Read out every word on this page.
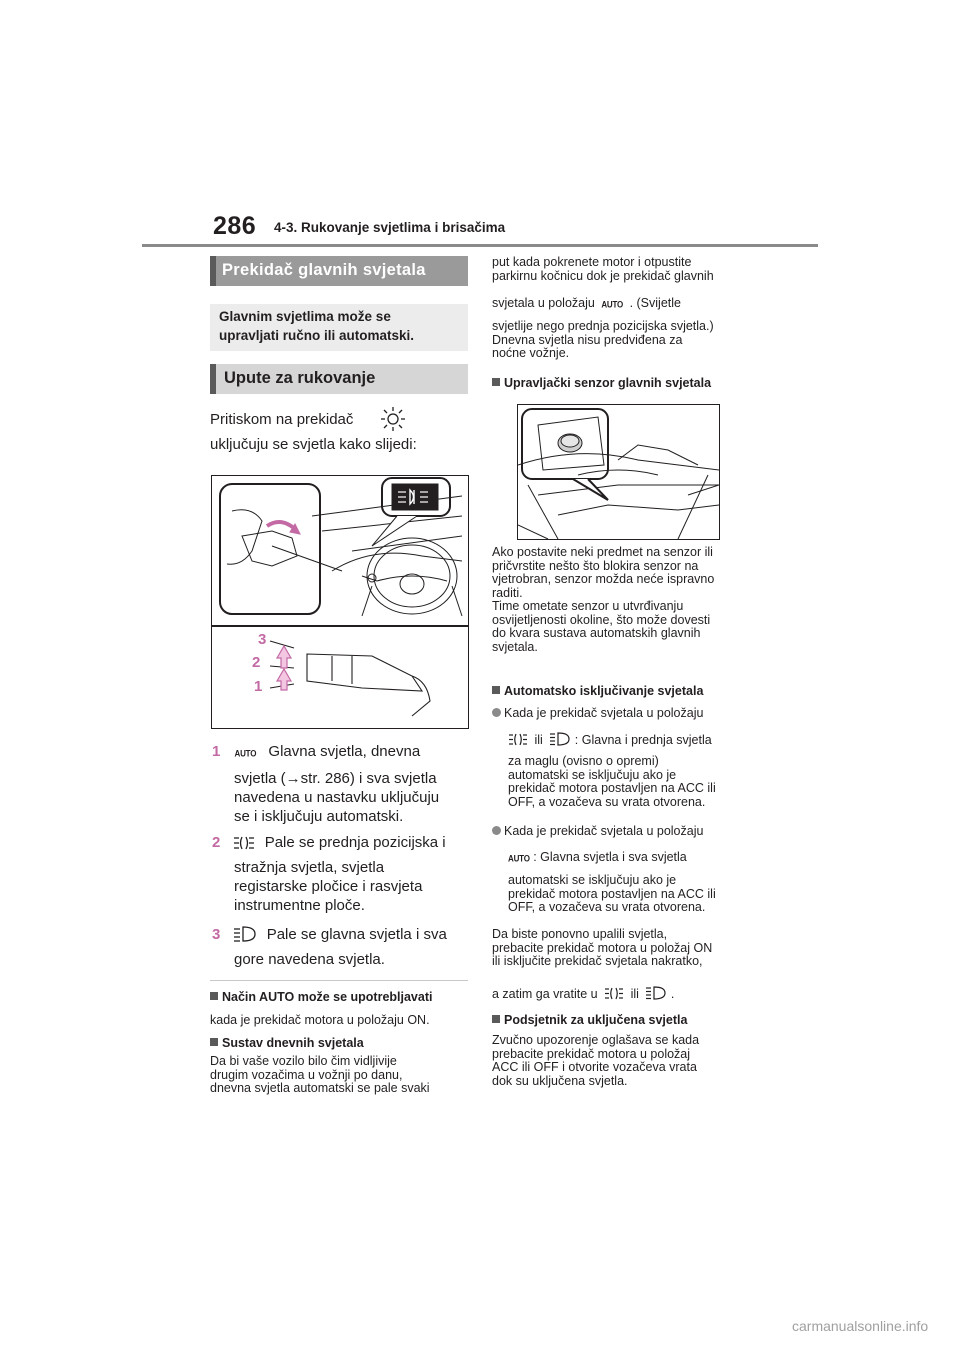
286 4-3. Rukovanje svjetlima i brisačima
Prekidač glavnih svjetala
Glavnim svjetlima može se
upravljati ručno ili automatski.
Upute za rukovanje
Pritiskom na prekidač
uključuju se svjetla kako slijedi:
3
2
1
1 AUTO Glavna svjetla, dnevna
svjetla (→str. 286) i sva svjetla
navedena u nastavku uključuju
se i isključuju automatski.
2	Pale se prednja pozicijska i
stražnja svjetla, svjetla
registarske pločice i rasvjeta
instrumentne ploče.
3	Pale se glavna svjetla i sva
gore navedena svjetla.
Način AUTO može se upotrebljavati
kada je prekidač motora u položaju ON.
Sustav dnevnih svjetala
Da bi vaše vozilo bilo čim vidljivije
drugim vozačima u vožnji po danu,
dnevna svjetla automatski se pale svaki
put kada pokrenete motor i otpustite
parkirnu kočnicu dok je prekidač glavnih
svjetala u položaju AUTO . (Svijetle
svjetlije nego prednja pozicijska svjetla.)
Dnevna svjetla nisu predviđena za
noćne vožnje.
Upravljački senzor glavnih svjetala
Ako postavite neki predmet na senzor ili
pričvrstite nešto što blokira senzor na
vjetrobran, senzor možda neće ispravno
raditi.
Time ometate senzor u utvrđivanju
osvijetljenosti okoline, što može dovesti
do kvara sustava automatskih glavnih
svjetala.
Automatsko isključivanje svjetala
Kada je prekidač svjetala u položaju
ili	: Glavna i prednja svjetla
za maglu (ovisno o opremi)
automatski se isključuju ako je
prekidač motora postavljen na ACC ili
OFF, a vozačeva su vrata otvorena.
Kada je prekidač svjetala u položaju
AUTO : Glavna svjetla i sva svjetla
automatski se isključuju ako je
prekidač motora postavljen na ACC ili
OFF, a vozačeva su vrata otvorena.
Da biste ponovno upalili svjetla,
prebacite prekidač motora u položaj ON
ili isključite prekidač svjetala nakratko,
a zatim ga vratite u	ili	.
Podsjetnik za uključena svjetla
Zvučno upozorenje oglašava se kada
prebacite prekidač motora u položaj
ACC ili OFF i otvorite vozačeva vrata
dok su uključena svjetla.
carmanualsonline.info
